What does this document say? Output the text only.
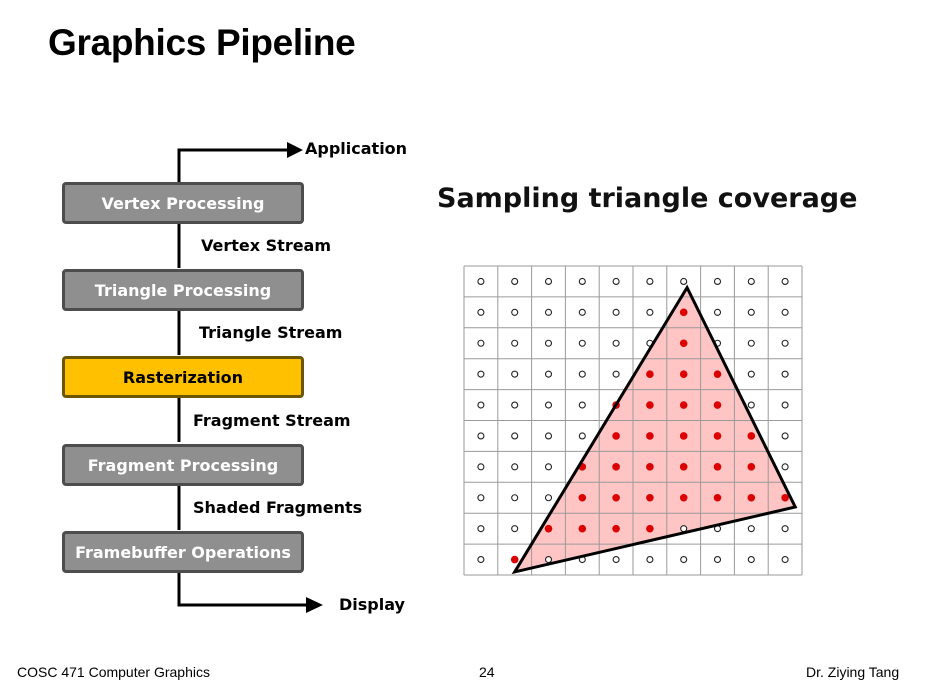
Graphics Pipeline
Application
Vertex Processing
Vertex Stream
Triangle Processing
Triangle Stream
Rasterization
Fragment Stream
Fragment Processing
Shaded Fragments
Framebuffer Operations
Display
Sampling triangle coverage
COSC 471 Computer Graphics	24	Dr. Ziying Tang
